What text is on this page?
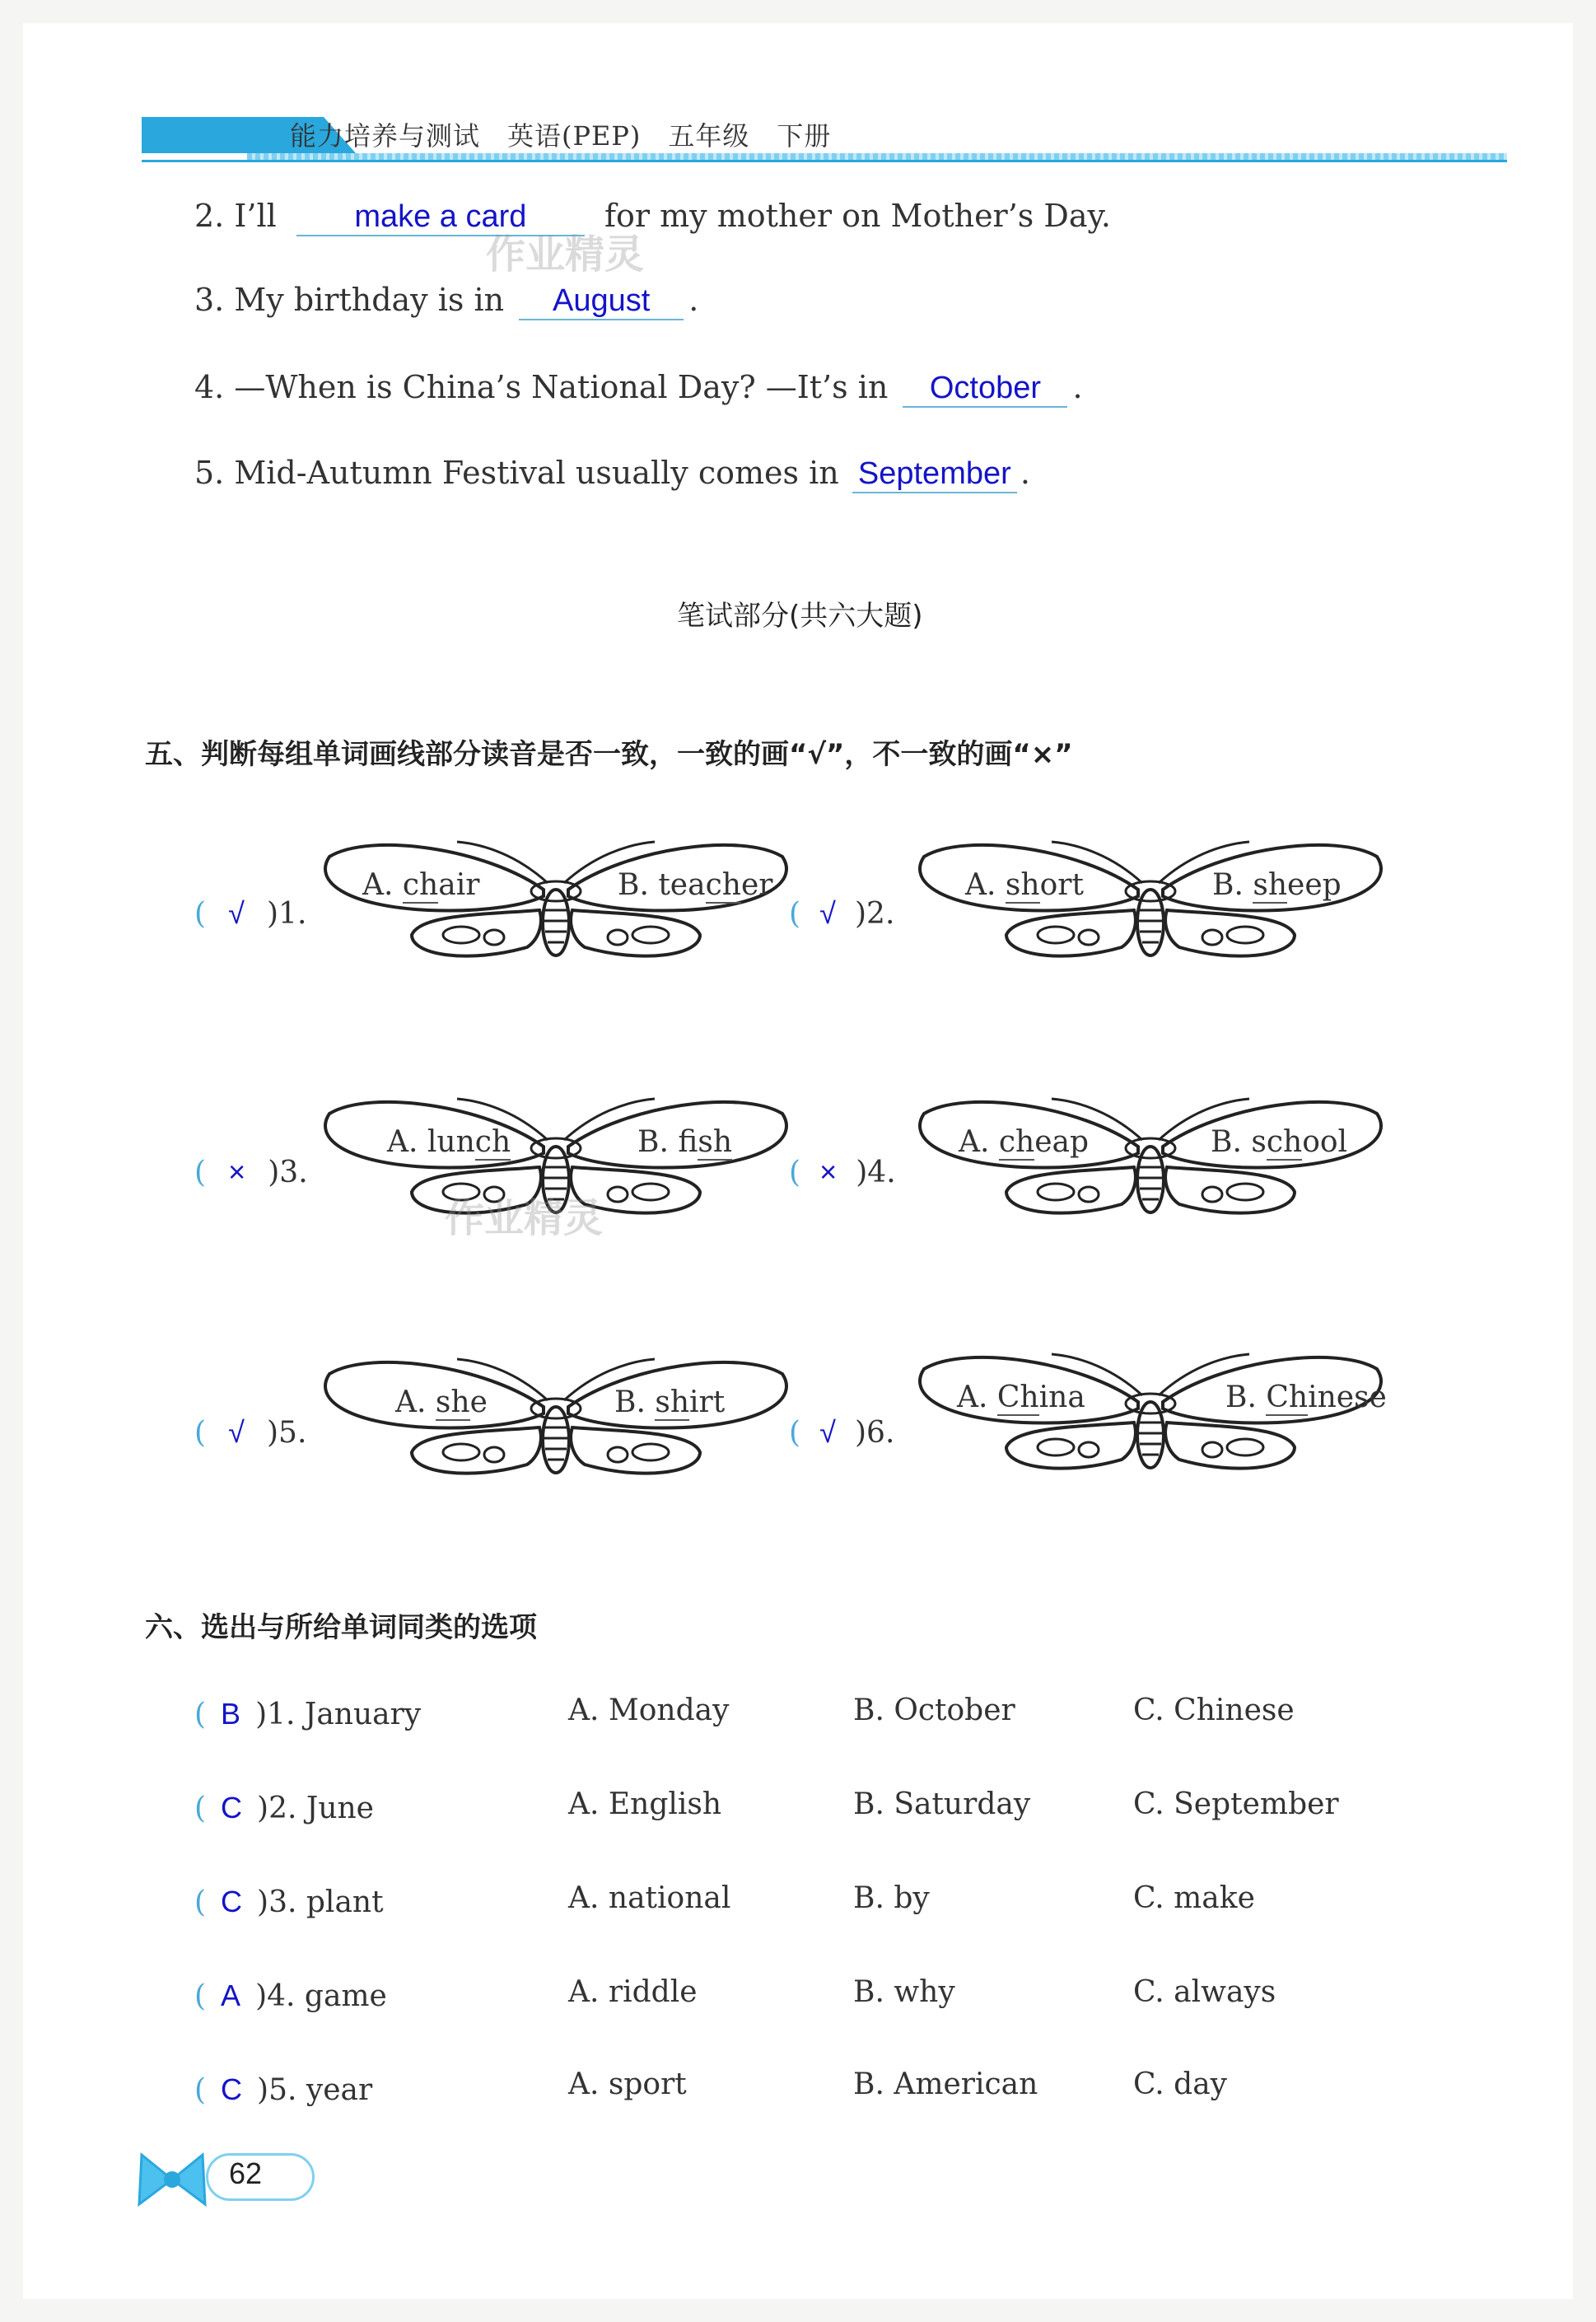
能力培养与测试　英语(PEP)　五年级　下册
2. I’ll make a card for my mother on Mother’s Day.
3. My birthday is in August .
4. —When is China’s National Day? —It’s in October .
5. Mid-Autumn Festival usually comes in September .
作业精灵
笔试部分(共六大题)
五、判断每组单词画线部分读音是否一致，一致的画“√”，不一致的画“×”
( √ )1.
A. chair	B. teacher
( √ )2.
A. short	B. sheep
( × )3.
A. lunch	B. fish
作业精灵
( × )4.
A. cheap	B. school
( √ )5.
A. she	B. shirt
( √ )6.
A. China	B. Chinese
六、选出与所给单词同类的选项
( B )1. January	A. Monday	B. October	C. Chinese
( C )2. June	A. English	B. Saturday	C. September
( C )3. plant	A. national	B. by	C. make
( A )4. game	A. riddle	B. why	C. always
( C )5. year	A. sport	B. American	C. day
62
